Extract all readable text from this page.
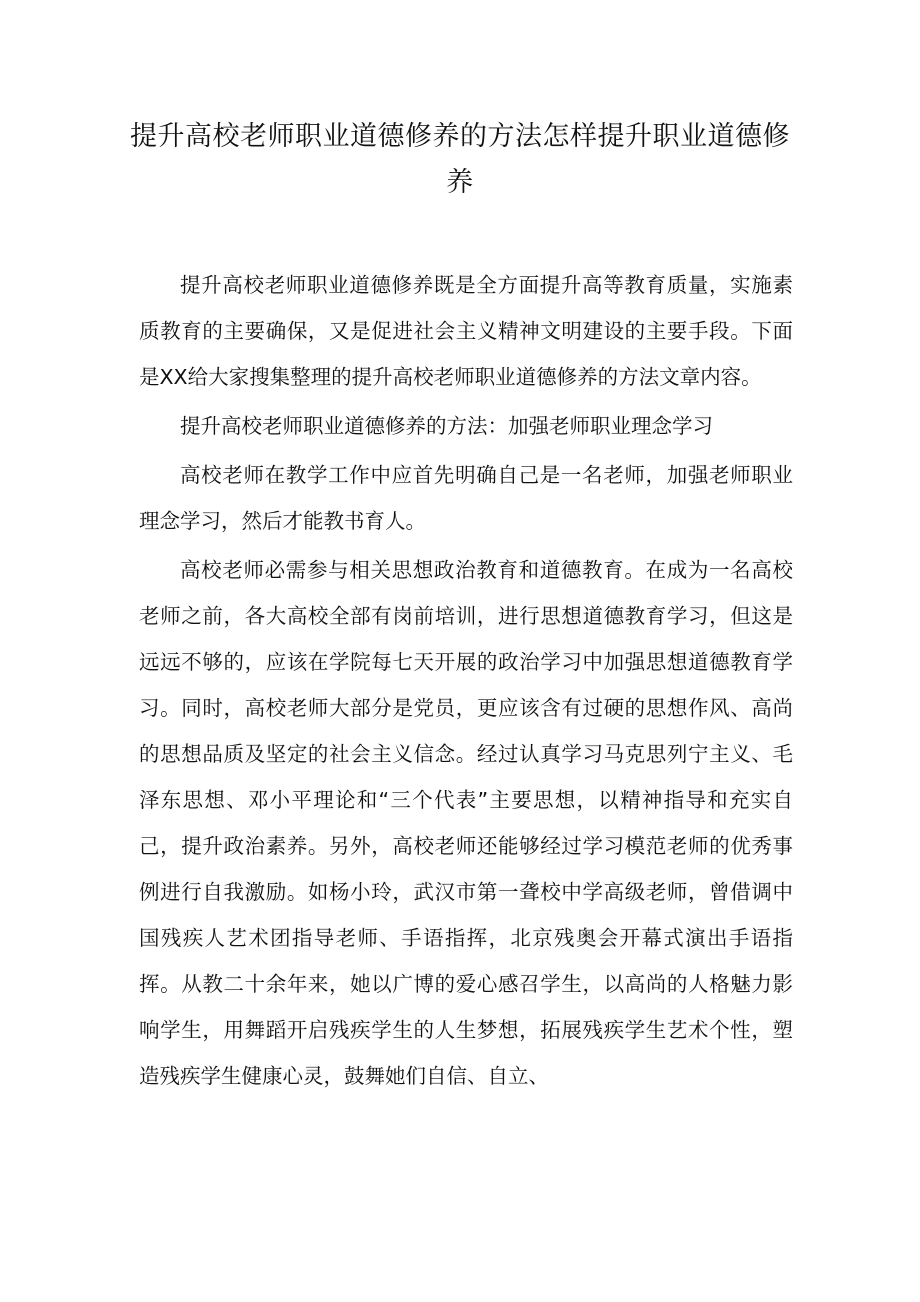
提升高校老师职业道德修养的方法怎样提升职业道德修养

提升高校老师职业道德修养既是全方面提升高等教育质量，实施素质教育的主要确保，又是促进社会主义精神文明建设的主要手段。下面是XX给大家搜集整理的提升高校老师职业道德修养的方法文章内容。

提升高校老师职业道德修养的方法：加强老师职业理念学习

高校老师在教学工作中应首先明确自己是一名老师，加强老师职业理念学习，然后才能教书育人。

高校老师必需参与相关思想政治教育和道德教育。在成为一名高校老师之前，各大高校全部有岗前培训，进行思想道德教育学习，但这是远远不够的，应该在学院每七天开展的政治学习中加强思想道德教育学习。同时，高校老师大部分是党员，更应该含有过硬的思想作风、高尚的思想品质及坚定的社会主义信念。经过认真学习马克思列宁主义、毛泽东思想、邓小平理论和“三个代表”主要思想，以精神指导和充实自己，提升政治素养。另外，高校老师还能够经过学习模范老师的优秀事例进行自我激励。如杨小玲，武汉市第一聋校中学高级老师，曾借调中国残疾人艺术团指导老师、手语指挥，北京残奥会开幕式演出手语指挥。从教二十余年来，她以广博的爱心感召学生，以高尚的人格魅力影响学生，用舞蹈开启残疾学生的人生梦想，拓展残疾学生艺术个性，塑造残疾学生健康心灵，鼓舞她们自信、自立、
